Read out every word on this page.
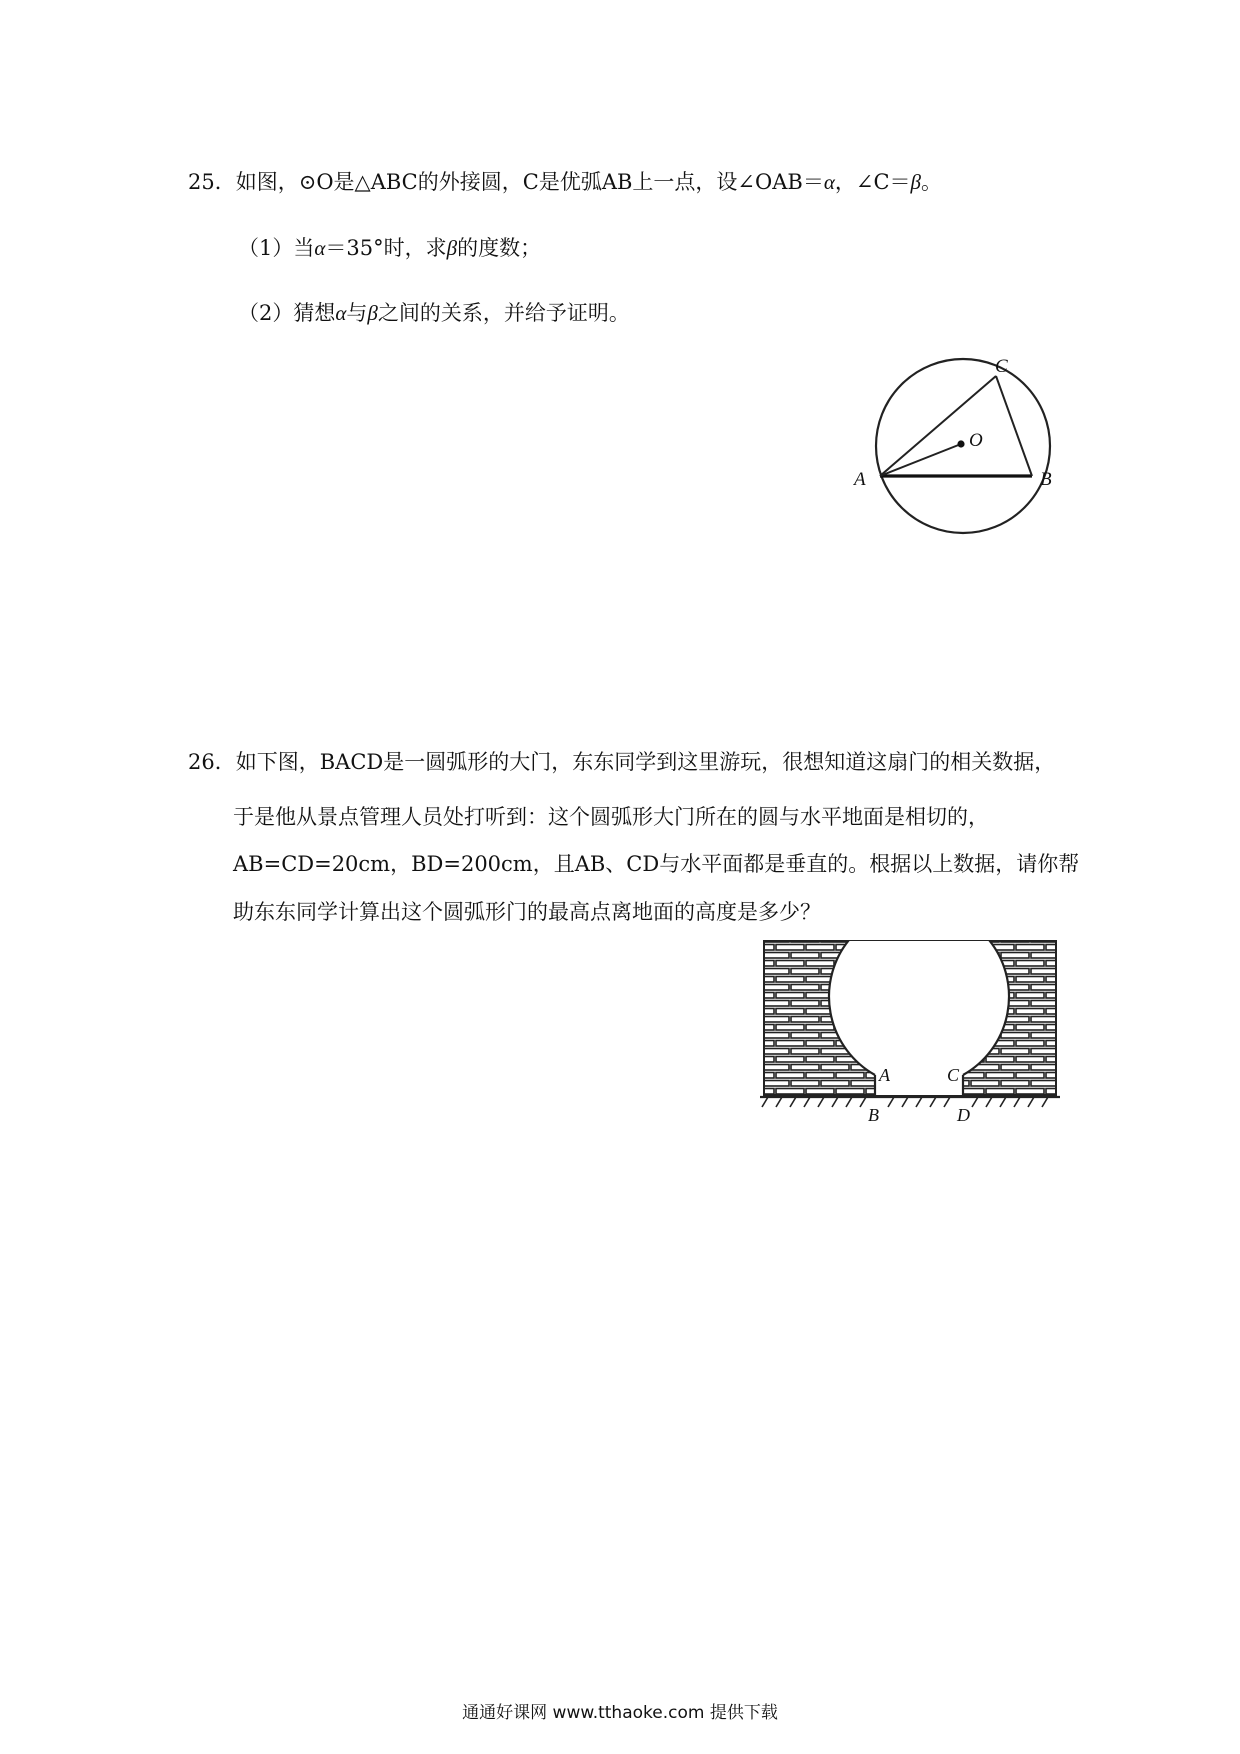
25．如图，⊙O是△ABC的外接圆，C是优弧AB上一点，设∠OAB＝α，∠C＝β。
（1）当α＝35°时，求β的度数；
（2）猜想α与β之间的关系，并给予证明。
A	B
C
O
26．如下图，BACD是一圆弧形的大门，东东同学到这里游玩，很想知道这扇门的相关数据，
于是他从景点管理人员处打听到：这个圆弧形大门所在的圆与水平地面是相切的，
AB=CD=20cm，BD=200cm，且AB、CD与水平面都是垂直的。根据以上数据，请你帮
助东东同学计算出这个圆弧形门的最高点离地面的高度是多少？
A
B
C
D
通通好课网 www.tthaoke.com 提供下载
